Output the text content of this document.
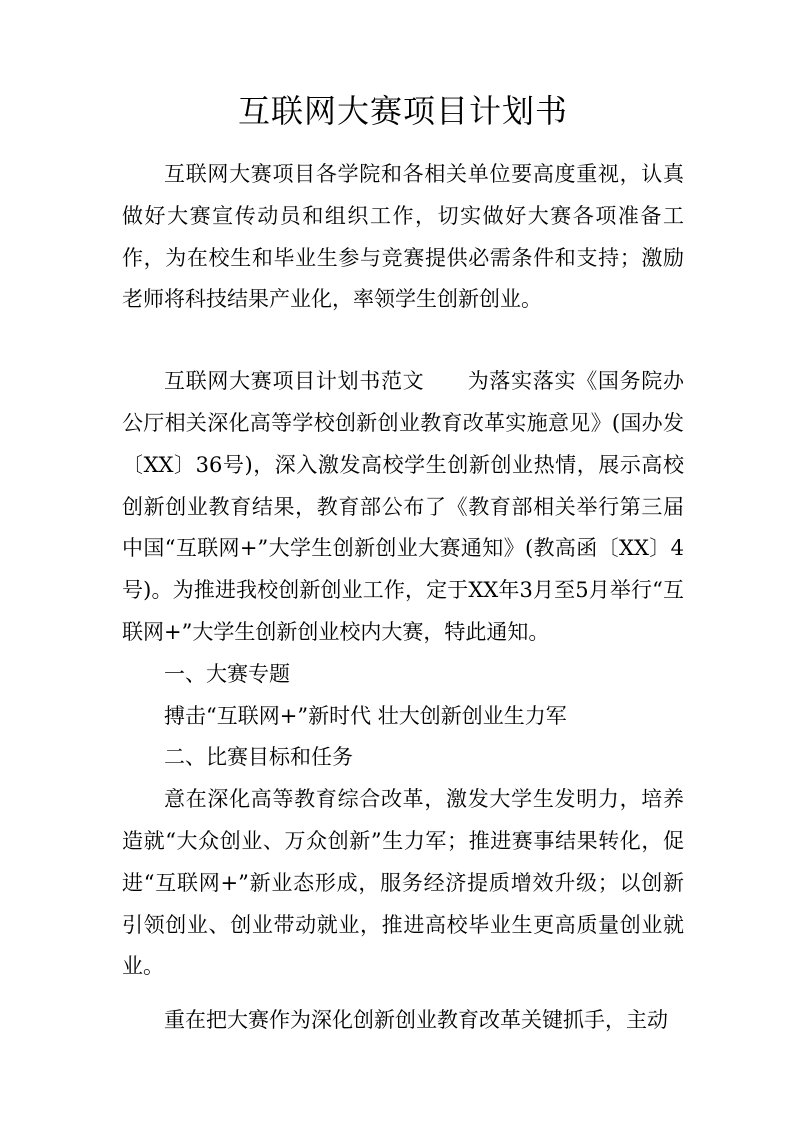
互联网大赛项目计划书

互联网大赛项目各学院和各相关单位要高度重视，认真做好大赛宣传动员和组织工作，切实做好大赛各项准备工作，为在校生和毕业生参与竞赛提供必需条件和支持；激励老师将科技结果产业化，率领学生创新创业。

互联网大赛项目计划书范文　　为落实落实《国务院办公厅相关深化高等学校创新创业教育改革实施意见》(国办发〔XX〕36号)，深入激发高校学生创新创业热情，展示高校创新创业教育结果，教育部公布了《教育部相关举行第三届中国“互联网+”大学生创新创业大赛通知》(教高函〔XX〕4号)。为推进我校创新创业工作，定于XX年3月至5月举行“互联网+”大学生创新创业校内大赛，特此通知。

一、大赛专题

搏击“互联网+”新时代 壮大创新创业生力军

二、比赛目标和任务

意在深化高等教育综合改革，激发大学生发明力，培养造就“大众创业、万众创新”生力军；推进赛事结果转化，促进“互联网+”新业态形成，服务经济提质增效升级；以创新引领创业、创业带动就业，推进高校毕业生更高质量创业就业。

重在把大赛作为深化创新创业教育改革关键抓手，主动
